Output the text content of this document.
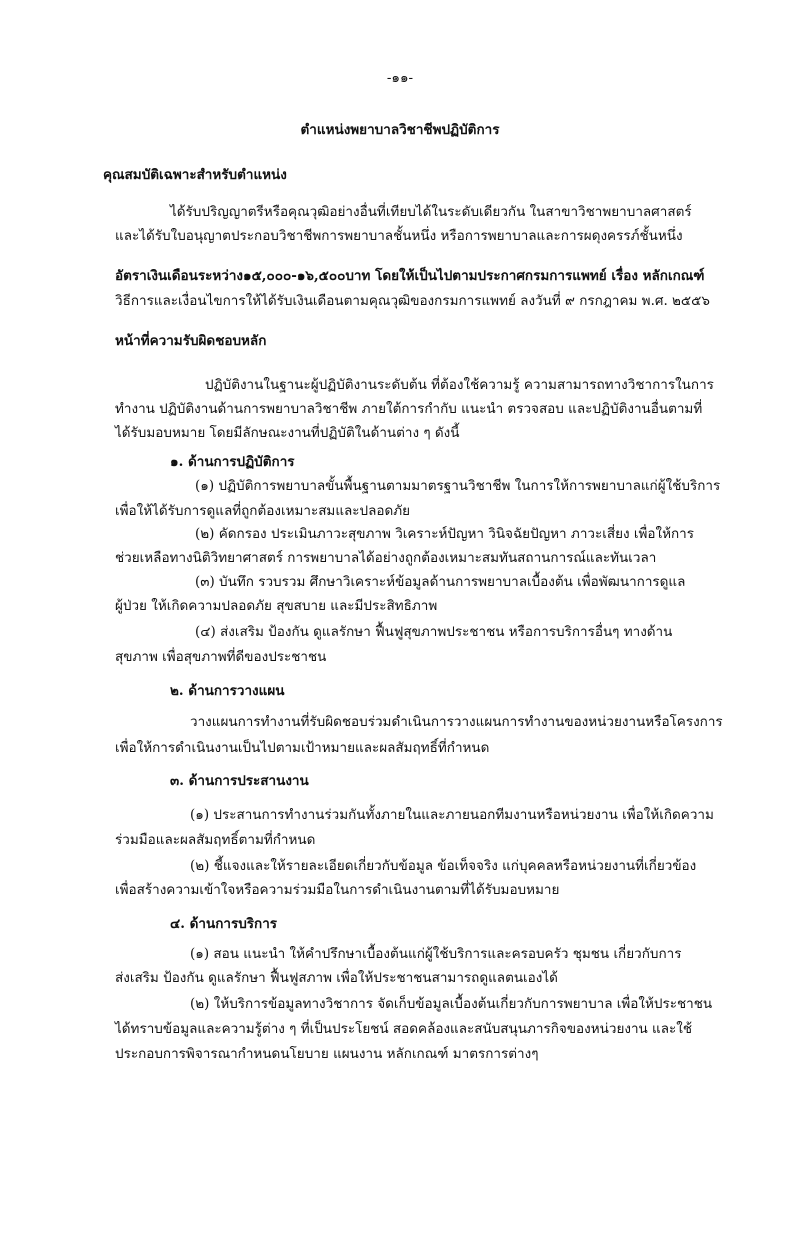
-๑๑-
ตำแหน่งพยาบาลวิชาชีพปฏิบัติการ
คุณสมบัติเฉพาะสำหรับตำแหน่ง
ได้รับปริญญาตรีหรือคุณวุฒิอย่างอื่นที่เทียบได้ในระดับเดียวกัน ในสาขาวิชาพยาบาลศาสตร์
และได้รับใบอนุญาตประกอบวิชาชีพการพยาบาลชั้นหนึ่ง หรือการพยาบาลและการผดุงครรภ์ชั้นหนึ่ง
อัตราเงินเดือนระหว่าง๑๕,๐๐๐-๑๖,๕๐๐บาท โดยให้เป็นไปตามประกาศกรมการแพทย์ เรื่อง หลักเกณฑ์
วิธีการและเงื่อนไขการให้ได้รับเงินเดือนตามคุณวุฒิของกรมการแพทย์ ลงวันที่ ๙ กรกฎาคม พ.ศ. ๒๕๕๖
หน้าที่ความรับผิดชอบหลัก
ปฏิบัติงานในฐานะผู้ปฏิบัติงานระดับต้น ที่ต้องใช้ความรู้ ความสามารถทางวิชาการในการ
ทำงาน ปฏิบัติงานด้านการพยาบาลวิชาชีพ ภายใต้การกำกับ แนะนำ ตรวจสอบ และปฏิบัติงานอื่นตามที่
ได้รับมอบหมาย โดยมีลักษณะงานที่ปฏิบัติในด้านต่าง ๆ ดังนี้
๑. ด้านการปฏิบัติการ
(๑) ปฏิบัติการพยาบาลขั้นพื้นฐานตามมาตรฐานวิชาชีพ ในการให้การพยาบาลแก่ผู้ใช้บริการ
เพื่อให้ได้รับการดูแลที่ถูกต้องเหมาะสมและปลอดภัย
(๒) คัดกรอง ประเมินภาวะสุขภาพ วิเคราะห์ปัญหา วินิจฉัยปัญหา ภาวะเสี่ยง เพื่อให้การ
ช่วยเหลือทางนิติวิทยาศาสตร์ การพยาบาลได้อย่างถูกต้องเหมาะสมทันสถานการณ์และทันเวลา
(๓) บันทึก รวบรวม ศึกษาวิเคราะห์ข้อมูลด้านการพยาบาลเบื้องต้น เพื่อพัฒนาการดูแล
ผู้ป่วย ให้เกิดความปลอดภัย สุขสบาย และมีประสิทธิภาพ
(๔) ส่งเสริม ป้องกัน ดูแลรักษา ฟื้นฟูสุขภาพประชาชน หรือการบริการอื่นๆ ทางด้าน
สุขภาพ เพื่อสุขภาพที่ดีของประชาชน
๒. ด้านการวางแผน
วางแผนการทำงานที่รับผิดชอบร่วมดำเนินการวางแผนการทำงานของหน่วยงานหรือโครงการ
เพื่อให้การดำเนินงานเป็นไปตามเป้าหมายและผลสัมฤทธิ์ที่กำหนด
๓. ด้านการประสานงาน
(๑) ประสานการทำงานร่วมกันทั้งภายในและภายนอกทีมงานหรือหน่วยงาน เพื่อให้เกิดความ
ร่วมมือและผลสัมฤทธิ์ตามที่กำหนด
(๒) ชี้แจงและให้รายละเอียดเกี่ยวกับข้อมูล ข้อเท็จจริง แก่บุคคลหรือหน่วยงานที่เกี่ยวข้อง
เพื่อสร้างความเข้าใจหรือความร่วมมือในการดำเนินงานตามที่ได้รับมอบหมาย
๔. ด้านการบริการ
(๑) สอน แนะนำ ให้คำปรึกษาเบื้องต้นแก่ผู้ใช้บริการและครอบครัว ชุมชน เกี่ยวกับการ
ส่งเสริม ป้องกัน ดูแลรักษา ฟื้นฟูสภาพ เพื่อให้ประชาชนสามารถดูแลตนเองได้
(๒) ให้บริการข้อมูลทางวิชาการ จัดเก็บข้อมูลเบื้องต้นเกี่ยวกับการพยาบาล เพื่อให้ประชาชน
ได้ทราบข้อมูลและความรู้ต่าง ๆ ที่เป็นประโยชน์ สอดคล้องและสนับสนุนภารกิจของหน่วยงาน และใช้
ประกอบการพิจารณากำหนดนโยบาย แผนงาน หลักเกณฑ์ มาตรการต่างๆ
